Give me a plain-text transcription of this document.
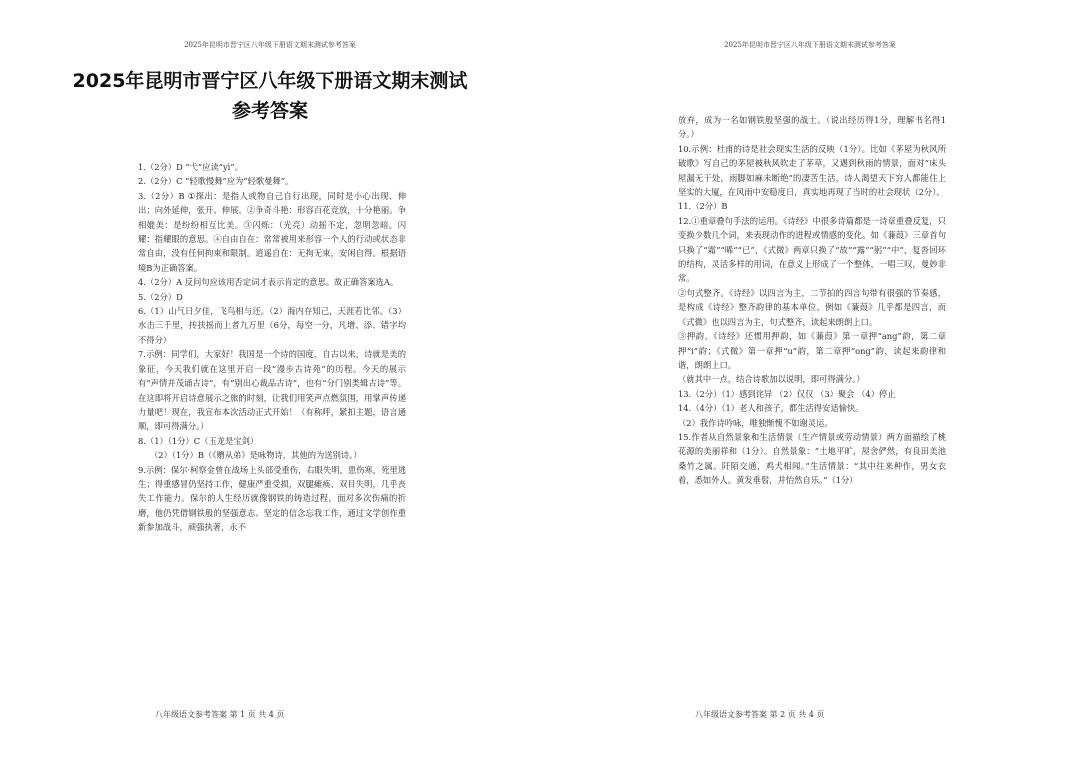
2025年昆明市晋宁区八年级下册语文期末测试参考答案
2025年昆明市晋宁区八年级下册语文期末测试参考答案

1.（2分）D “弋”应读“yì”。

2.（2分）C “轻歌慢舞”应为“轻歌曼舞”。

3.（2分）B ①探出：是指人或物自己自行出现，同时是小心出现、伸出；向外延伸，张开、伸展。②争奇斗艳：形容百花竞放，十分艳丽。争相媲美：是纷纷相互比美。③闪烁：（光亮）动摇不定，忽明忽暗。闪耀：指耀眼的意思。④自由自在：常常被用来形容一个人的行动或状态非常自由，没有任何拘束和限制。逍遥自在：无拘无束，安闲自得。根据语境B为正确答案。

4.（2分）A 反问句应该用否定词才表示肯定的意思。故正确答案选A。

5.（2分）D

6.（1）山气日夕佳，飞鸟相与还。（2）海内存知己，天涯若比邻。（3）水击三千里，抟扶摇而上者九万里（6分，每空一分，凡增、添、错字均不得分）

7.示例：同学们，大家好！我国是一个诗的国度，自古以来，诗就是美的象征，今天我们就在这里开启一段“漫步古诗苑”的历程。今天的展示有“声情并茂诵古诗”，有“别出心裁品古诗”，也有“分门别类辑古诗”等。在这即将开启诗意展示之旅的时刻，让我们用笑声点燃氛围，用掌声传递力量吧！现在，我宣布本次活动正式开始！（有称呼，紧扣主题，语言通顺，即可得满分。）

8.（1）（1分）C（玉龙是宝剑）

（2）（1分）B（《赠从弟》是咏物诗，其他的为送别诗。）

9.示例：保尔·柯察金曾在战场上头部受重伤，右眼失明，患伤寒，死里逃生；得重感冒仍坚持工作，健康严重受损，双腿瘫痪、双目失明，几乎丧失工作能力。保尔的人生经历就像钢铁的铸造过程，面对多次伤痛的折磨，他仍凭借钢铁般的坚强意志、坚定的信念忘我工作，通过文学创作重新参加战斗，顽强执著，永不

八年级语文参考答案 第 1 页 共 4 页
2025年昆明市晋宁区八年级下册语文期末测试参考答案

放弃，成为一名如钢铁般坚强的战士。（说出经历得1分，理解书名得1分。）

10.示例：杜甫的诗是社会现实生活的反映（1分）。比如《茅屋为秋风所破歌》写自己的茅屋被秋风吹走了茅草，又遇到秋雨的情景，面对“床头屋漏无干处，雨脚如麻未断绝”的凄苦生活，诗人渴望天下穷人都能住上坚实的大厦，在风雨中安稳度日，真实地再现了当时的社会现状（2分）。

11.（2分）B

12.①重章叠句手法的运用。《诗经》中很多诗篇都是一诗章重叠反复，只变换少数几个词，来表现动作的进程或情感的变化。如《蒹葭》三章首句只换了“霜”“晞”“已”，《式微》两章只换了“故”“露”“躬”“中”，复沓回环的结构，灵活多样的用词，在意义上形成了一个整体，一唱三叹，曼妙非常。

②句式整齐。《诗经》以四言为主，二节拍的四言句带有很强的节奏感，是构成《诗经》整齐韵律的基本单位。例如《蒹葭》几乎都是四言，而《式微》也以四言为主，句式整齐，读起来朗朗上口。

③押韵。《诗经》还惯用押韵，如《蒹葭》第一章押“ang”韵，第二章押“i”韵；《式微》第一章押“u”韵，第二章押“ong”韵，读起来韵律和谐，朗朗上口。

（就其中一点，结合诗歌加以说明，即可得满分。）

13.（2分）（1）感到诧异 （2）仅仅 （3）聚会 （4）停止

14.（4分）（1）老人和孩子，都生活得安适愉快。

（2）我作诗吟咏，唯独惭愧不如谢灵运。

15.作者从自然景象和生活情景（生产情景或劳动情景）两方面描绘了桃花源的美丽祥和（1分）。自然景象：“土地平旷，屋舍俨然，有良田美池桑竹之属。阡陌交通，鸡犬相闻。”生活情景：“其中往来种作，男女衣着，悉如外人。黄发垂髫，并怡然自乐。”（1分）

八年级语文参考答案 第 2 页 共 4 页
